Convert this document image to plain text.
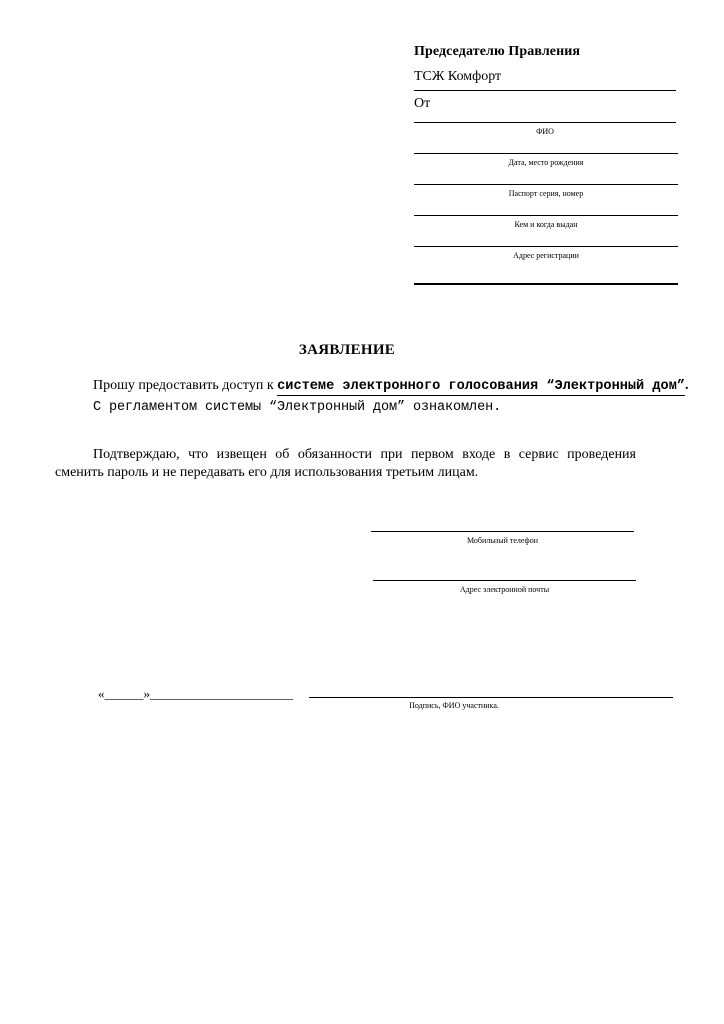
Председателю Правления
ТСЖ Комфорт
От
ФИО
Дата, место рождения
Паспорт серия, номер
Кем и когда выдан
Адрес регистрации
ЗАЯВЛЕНИЕ
Прошу предоставить доступ к системе электронного голосования “Электронный дом”.
С регламентом системы “Электронный дом” ознакомлен.
Подтверждаю, что извещен об обязанности при первом входе в сервис проведения сменить пароль и не передавать его для использования третьим лицам.
Мобильный телефон
Адрес электронной почты
«______»______________________
Подпись, ФИО участника.
